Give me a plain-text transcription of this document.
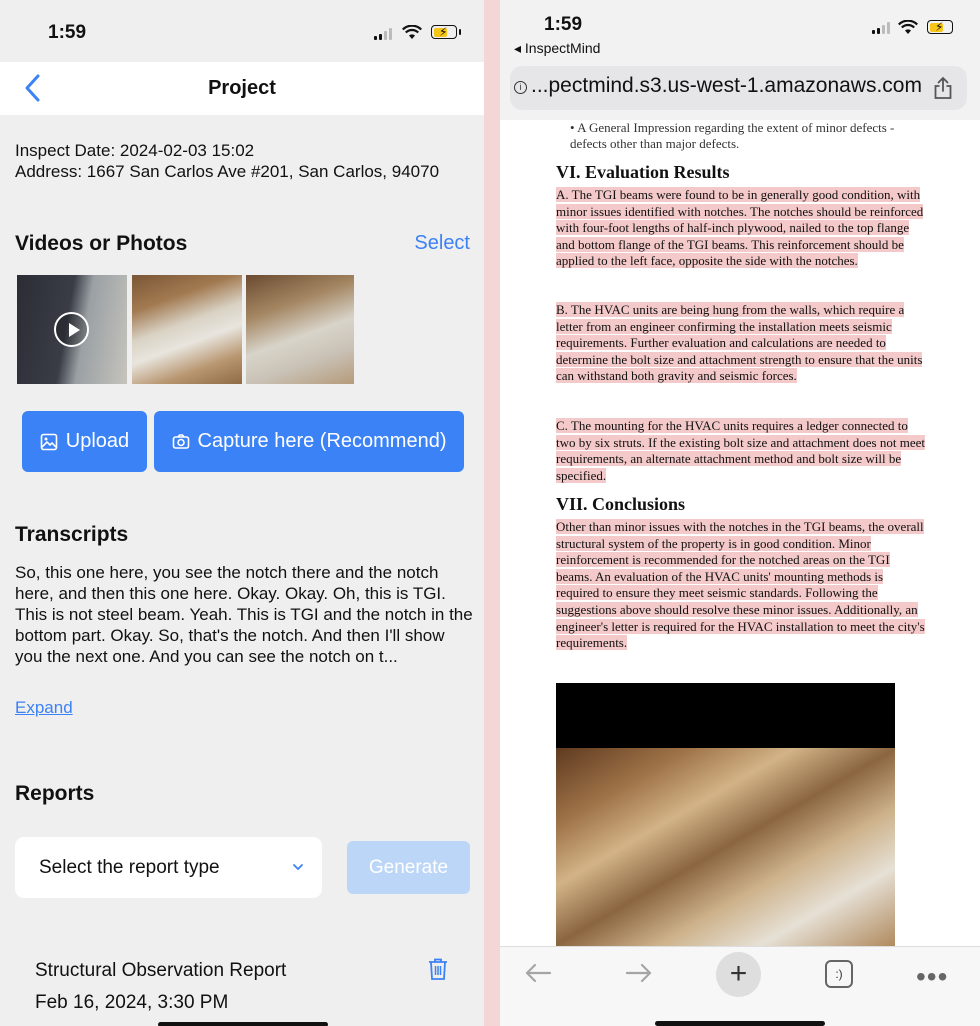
1:59	⚡
Project
Inspect Date: 2024-02-03 15:02
Address: 1667 San Carlos Ave #201, San Carlos, 94070
Videos or Photos	Select
Upload	Capture here (Recommend)
Transcripts
So, this one here, you see the notch there and the notch here, and then this one here. Okay. Okay. Oh, this is TGI. This is not steel beam. Yeah. This is TGI and the notch in the bottom part. Okay. So, that's the notch. And then I'll show you the next one. And you can see the notch on t...
Expand
Reports
Select the report type	Generate
Structural Observation Report
Feb 16, 2024, 3:30 PM
1:59
◂ InspectMind
⚡
i ...pectmind.s3.us-west-1.amazonaws.com
• A General Impression regarding the extent of minor defects - defects other than major defects.
VI. Evaluation Results
A. The TGI beams were found to be in generally good condition, with minor issues identified with notches. The notches should be reinforced with four-foot lengths of half-inch plywood, nailed to the top flange and bottom flange of the TGI beams. This reinforcement should be applied to the left face, opposite the side with the notches.
B. The HVAC units are being hung from the walls, which require a letter from an engineer confirming the installation meets seismic requirements. Further evaluation and calculations are needed to determine the bolt size and attachment strength to ensure that the units can withstand both gravity and seismic forces.
C. The mounting for the HVAC units requires a ledger connected to two by six struts. If the existing bolt size and attachment does not meet requirements, an alternate attachment method and bolt size will be specified.
VII. Conclusions
Other than minor issues with the notches in the TGI beams, the overall structural system of the property is in good condition. Minor reinforcement is recommended for the notched areas on the TGI beams. An evaluation of the HVAC units' mounting methods is required to ensure they meet seismic standards. Following the suggestions above should resolve these minor issues. Additionally, an engineer's letter is required for the HVAC installation to meet the city's requirements.
+	:)	•••
